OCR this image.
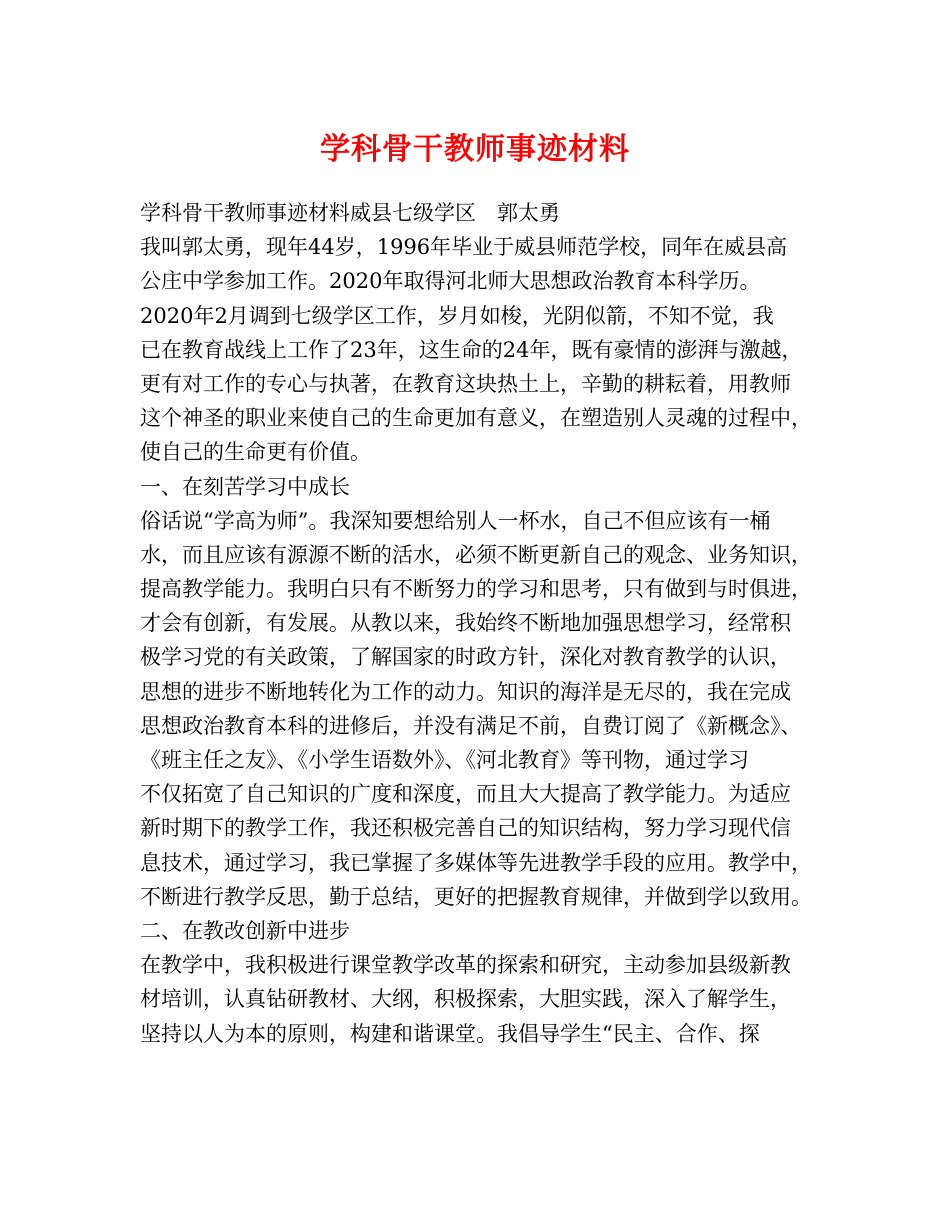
学科骨干教师事迹材料
学科骨干教师事迹材料威县七级学区　郭太勇
我叫郭太勇，现年44岁，1996年毕业于威县师范学校，同年在威县高
公庄中学参加工作。2020年取得河北师大思想政治教育本科学历。
2020年2月调到七级学区工作，岁月如梭，光阴似箭，不知不觉，我
已在教育战线上工作了23年，这生命的24年，既有豪情的澎湃与激越，
更有对工作的专心与执著，在教育这块热土上，辛勤的耕耘着，用教师
这个神圣的职业来使自己的生命更加有意义，在塑造别人灵魂的过程中，
使自己的生命更有价值。
一、在刻苦学习中成长
俗话说“学高为师”。我深知要想给别人一杯水，自己不但应该有一桶
水，而且应该有源源不断的活水，必须不断更新自己的观念、业务知识，
提高教学能力。我明白只有不断努力的学习和思考，只有做到与时俱进，
才会有创新，有发展。从教以来，我始终不断地加强思想学习，经常积
极学习党的有关政策，了解国家的时政方针，深化对教育教学的认识，
思想的进步不断地转化为工作的动力。知识的海洋是无尽的，我在完成
思想政治教育本科的进修后，并没有满足不前，自费订阅了《新概念》、
《班主任之友》、《小学生语数外》、《河北教育》等刊物，通过学习
不仅拓宽了自己知识的广度和深度，而且大大提高了教学能力。为适应
新时期下的教学工作，我还积极完善自己的知识结构，努力学习现代信
息技术，通过学习，我已掌握了多媒体等先进教学手段的应用。教学中，
不断进行教学反思，勤于总结，更好的把握教育规律，并做到学以致用。
二、在教改创新中进步
在教学中，我积极进行课堂教学改革的探索和研究，主动参加县级新教
材培训，认真钻研教材、大纲，积极探索，大胆实践，深入了解学生，
坚持以人为本的原则，构建和谐课堂。我倡导学生“民主、合作、探
